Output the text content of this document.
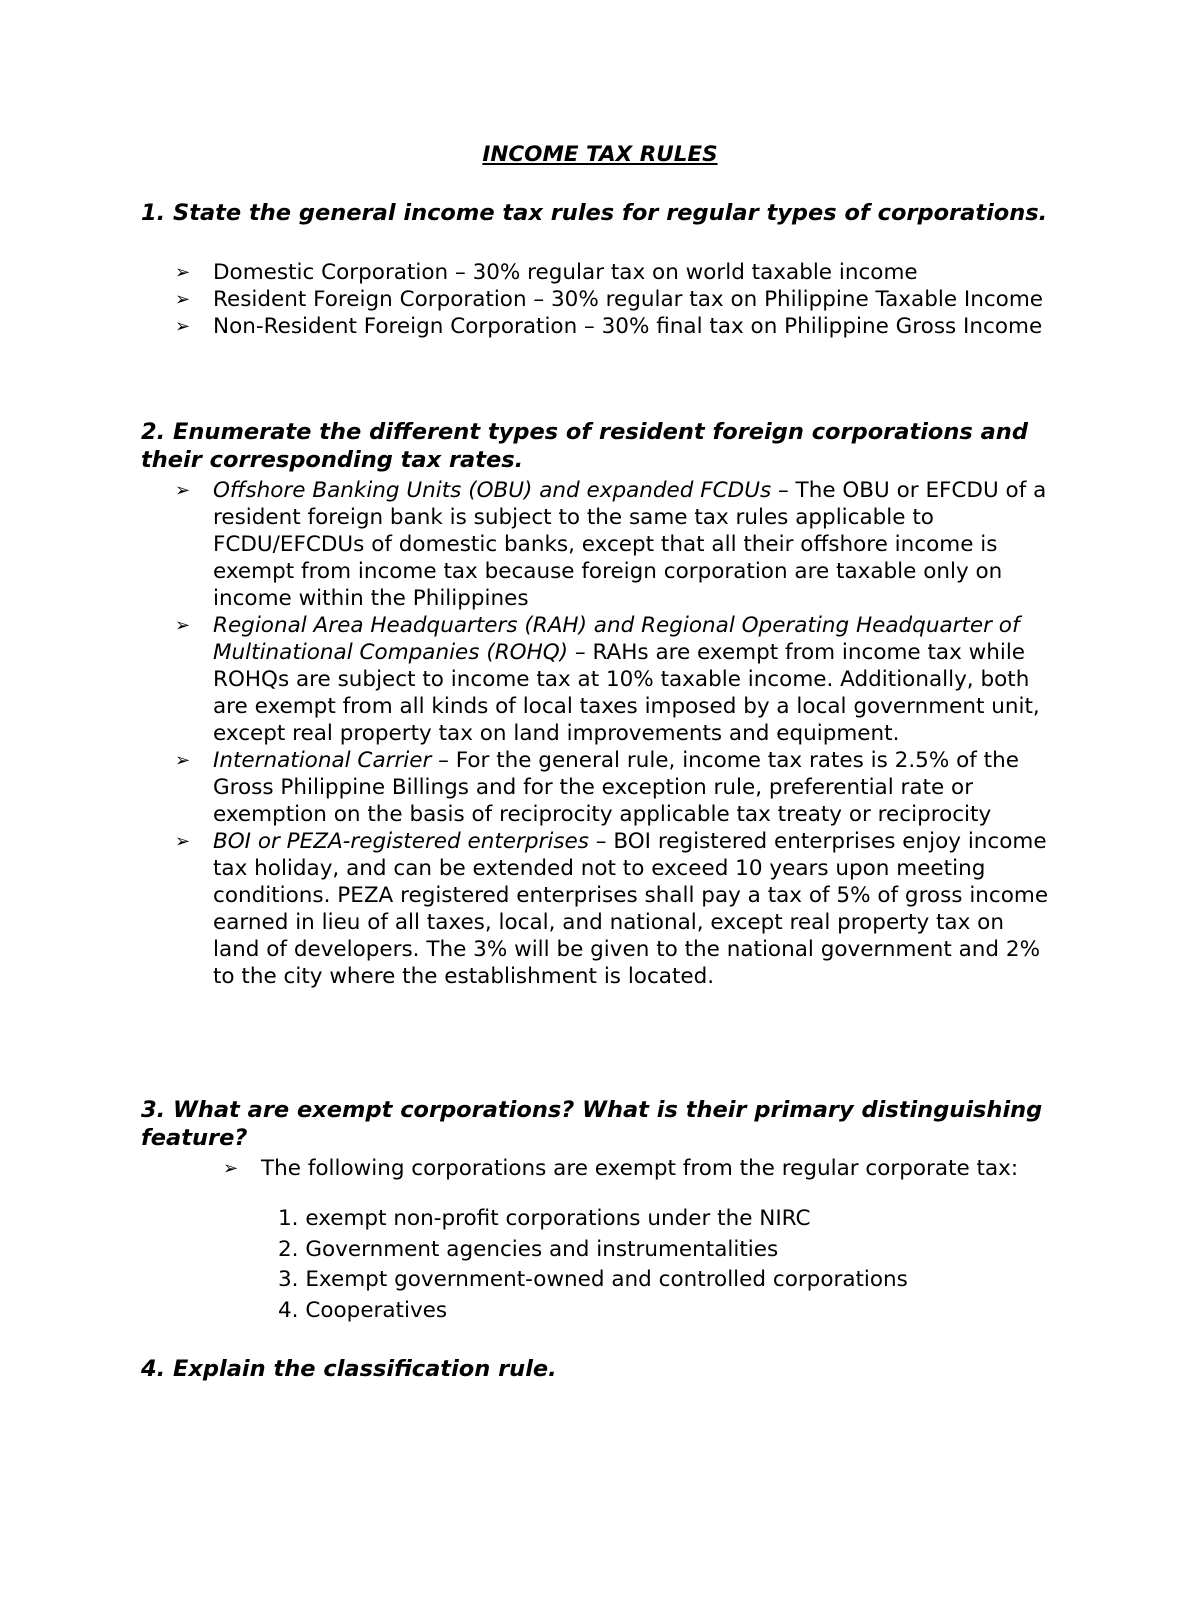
INCOME TAX RULES
1. State the general income tax rules for regular types of corporations.
➢	Domestic Corporation – 30% regular tax on world taxable income
➢	Resident Foreign Corporation – 30% regular tax on Philippine Taxable Income
➢	Non-Resident Foreign Corporation – 30% final tax on Philippine Gross Income
2. Enumerate the different types of resident foreign corporations and their corresponding tax rates.
➢	Offshore Banking Units (OBU) and expanded FCDUs – The OBU or EFCDU of a resident foreign bank is subject to the same tax rules applicable to FCDU/EFCDUs of domestic banks, except that all their offshore income is exempt from income tax because foreign corporation are taxable only on income within the Philippines
➢	Regional Area Headquarters (RAH) and Regional Operating Headquarter of Multinational Companies (ROHQ) – RAHs are exempt from income tax while ROHQs are subject to income tax at 10% taxable income. Additionally, both are exempt from all kinds of local taxes imposed by a local government unit, except real property tax on land improvements and equipment.
➢	International Carrier – For the general rule, income tax rates is 2.5% of the Gross Philippine Billings and for the exception rule, preferential rate or exemption on the basis of reciprocity applicable tax treaty or reciprocity
➢	BOI or PEZA-registered enterprises – BOI registered enterprises enjoy income tax holiday, and can be extended not to exceed 10 years upon meeting conditions. PEZA registered enterprises shall pay a tax of 5% of gross income earned in lieu of all taxes, local, and national, except real property tax on land of developers. The 3% will be given to the national government and 2% to the city where the establishment is located.
3. What are exempt corporations? What is their primary distinguishing feature?
➢	The following corporations are exempt from the regular corporate tax:
1. exempt non-profit corporations under the NIRC
2. Government agencies and instrumentalities
3. Exempt government-owned and controlled corporations
4. Cooperatives
4. Explain the classification rule.
